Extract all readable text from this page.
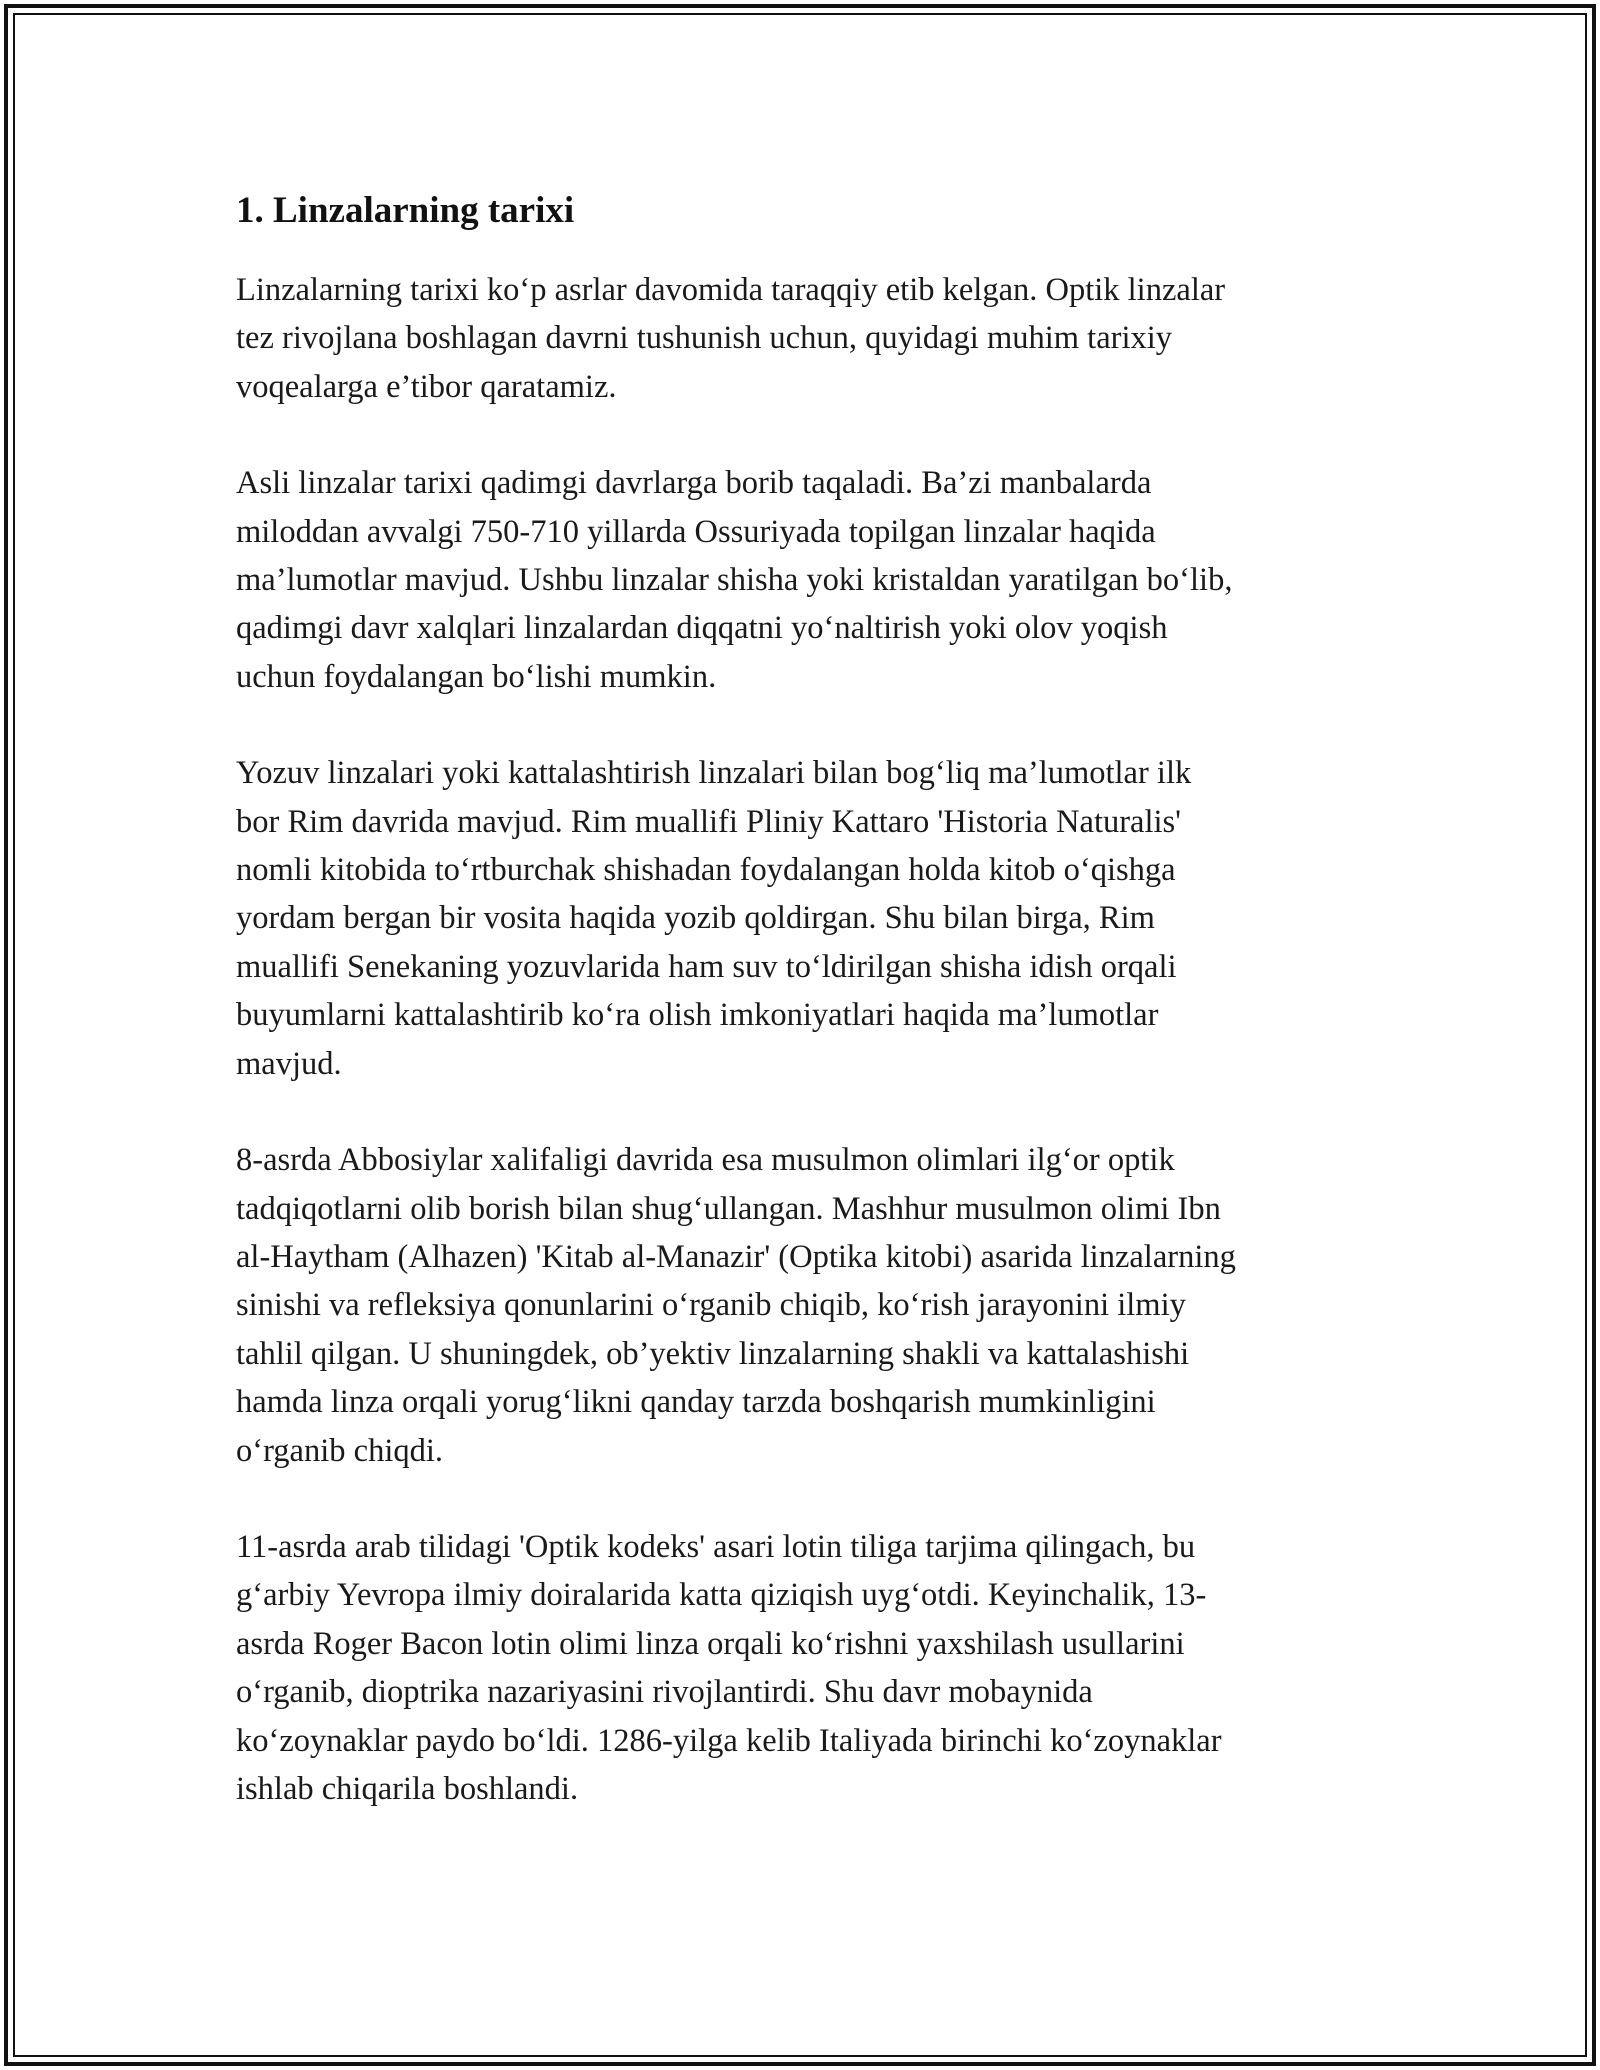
1. Linzalarning tarixi

Linzalarning tarixi ko‘p asrlar davomida taraqqiy etib kelgan. Optik linzalar
tez rivojlana boshlagan davrni tushunish uchun, quyidagi muhim tarixiy
voqealarga e’tibor qaratamiz.

Asli linzalar tarixi qadimgi davrlarga borib taqaladi. Ba’zi manbalarda
miloddan avvalgi 750-710 yillarda Ossuriyada topilgan linzalar haqida
ma’lumotlar mavjud. Ushbu linzalar shisha yoki kristaldan yaratilgan bo‘lib,
qadimgi davr xalqlari linzalardan diqqatni yo‘naltirish yoki olov yoqish
uchun foydalangan bo‘lishi mumkin.

Yozuv linzalari yoki kattalashtirish linzalari bilan bog‘liq ma’lumotlar ilk
bor Rim davrida mavjud. Rim muallifi Pliniy Kattaro 'Historia Naturalis'
nomli kitobida to‘rtburchak shishadan foydalangan holda kitob o‘qishga
yordam bergan bir vosita haqida yozib qoldirgan. Shu bilan birga, Rim
muallifi Senekaning yozuvlarida ham suv to‘ldirilgan shisha idish orqali
buyumlarni kattalashtirib ko‘ra olish imkoniyatlari haqida ma’lumotlar
mavjud.

8-asrda Abbosiylar xalifaligi davrida esa musulmon olimlari ilg‘or optik
tadqiqotlarni olib borish bilan shug‘ullangan. Mashhur musulmon olimi Ibn
al-Haytham (Alhazen) 'Kitab al-Manazir' (Optika kitobi) asarida linzalarning
sinishi va refleksiya qonunlarini o‘rganib chiqib, ko‘rish jarayonini ilmiy
tahlil qilgan. U shuningdek, ob’yektiv linzalarning shakli va kattalashishi
hamda linza orqali yorug‘likni qanday tarzda boshqarish mumkinligini
o‘rganib chiqdi.

11-asrda arab tilidagi 'Optik kodeks' asari lotin tiliga tarjima qilingach, bu
g‘arbiy Yevropa ilmiy doiralarida katta qiziqish uyg‘otdi. Keyinchalik, 13-
asrda Roger Bacon lotin olimi linza orqali ko‘rishni yaxshilash usullarini
o‘rganib, dioptrika nazariyasini rivojlantirdi. Shu davr mobaynida
ko‘zoynaklar paydo bo‘ldi. 1286-yilga kelib Italiyada birinchi ko‘zoynaklar
ishlab chiqarila boshlandi.
